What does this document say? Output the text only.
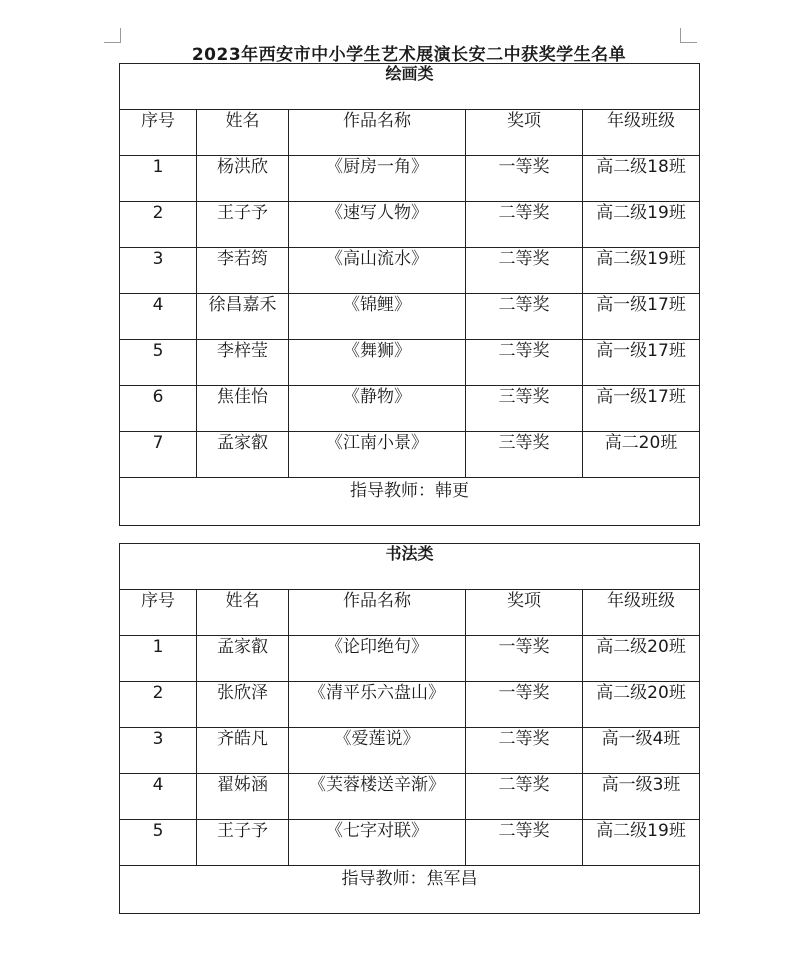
2023年西安市中小学生艺术展演长安二中获奖学生名单
绘画类				
序号	姓名	作品名称	奖项	年级班级
1	杨洪欣	《厨房一角》	一等奖	高二级18班
2	王子予	《速写人物》	二等奖	高二级19班
3	李若筠	《高山流水》	二等奖	高二级19班
4	徐昌嘉禾	《锦鲤》	二等奖	高一级17班
5	李梓莹	《舞狮》	二等奖	高一级17班
6	焦佳怡	《静物》	三等奖	高一级17班
7	孟家叡	《江南小景》	三等奖	高二20班
指导教师：韩更				
书法类				
序号	姓名	作品名称	奖项	年级班级
1	孟家叡	《论印绝句》	一等奖	高二级20班
2	张欣泽	《清平乐六盘山》	一等奖	高二级20班
3	齐皓凡	《爱莲说》	二等奖	高一级4班
4	翟姊涵	《芙蓉楼送辛渐》	二等奖	高一级3班
5	王子予	《七字对联》	二等奖	高二级19班
指导教师：焦军昌				
